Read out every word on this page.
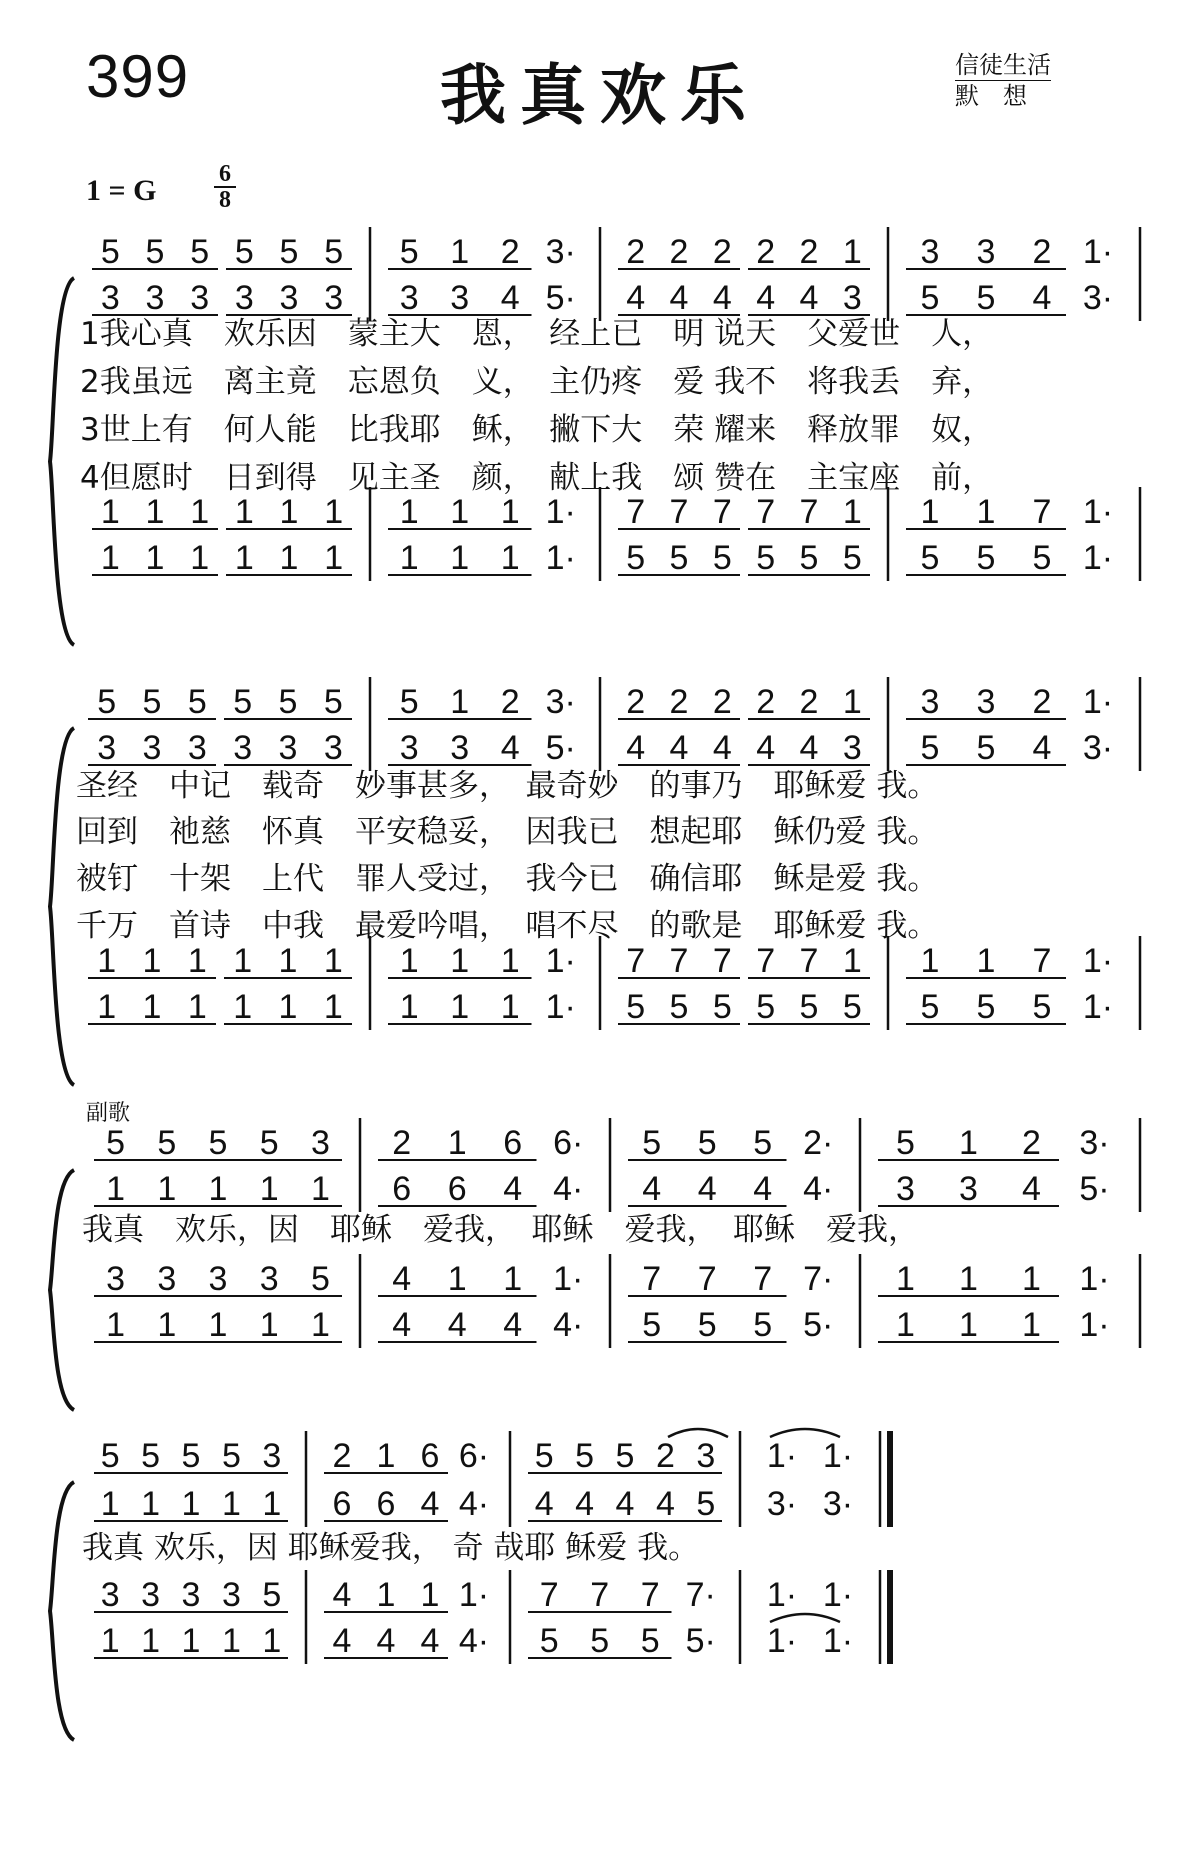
399	我真欢乐	信徒生活
默　想
1 = G $\frac{6}{8}$
5 5 5 5 5 5 5 1 2 3· 2 2 2 2 2 1 3 3 2 1·
3 3 3 3 3 3 3 3 4 5· 4 4 4 4 4 3 5 5 4 3·
1我心真　欢乐因　蒙主大　恩，　经上已　明 说天　父爱世　人，
2我虽远　离主竟　忘恩负　义，　主仍疼　爱 我不　将我丢　弃，
3世上有　何人能　比我耶　稣，　撇下大　荣 耀来　释放罪　奴，
4但愿时　日到得　见主圣　颜，　献上我　颂 赞在　主宝座　前，
1 1 1 1 1 1 1 1 1 1· 7 7 7 7 7 1 1 1 7 1·
1 1 1 1 1 1 1 1 1 1· 5 5 5 5 5 5 5 5 5 1·
5 5 5 5 5 5 5 1 2 3· 2 2 2 2 2 1 3 3 2 1·
3 3 3 3 3 3 3 3 4 5· 4 4 4 4 4 3 5 5 4 3·
圣经　中记　载奇　妙事甚多，　最奇妙　的事乃　耶稣爱 我。
回到　祂慈　怀真　平安稳妥，　因我已　想起耶　稣仍爱 我。
被钉　十架　上代　罪人受过，　我今已　确信耶　稣是爱 我。
千万　首诗　中我　最爱吟唱，　唱不尽　的歌是　耶稣爱 我。
1 1 1 1 1 1 1 1 1 1· 7 7 7 7 7 1 1 1 7 1·
1 1 1 1 1 1 1 1 1 1· 5 5 5 5 5 5 5 5 5 1·
副歌
5 5 5 5 3 2 1 6 6· 5 5 5 2· 5 1 2 3·
1 1 1 1 1 6 6 4 4· 4 4 4 4· 3 3 4 5·
我真　欢乐，因　耶稣　爱我，　耶稣　爱我，　耶稣　爱我，
3 3 3 3 5 4 1 1 1· 7 7 7 7· 1 1 1 1·
1 1 1 1 1 4 4 4 4· 5 5 5 5· 1 1 1 1·
5 5 5 5 3 2 1 6 6· 5 5 5 2 3 1· 1·
1 1 1 1 1 6 6 4 4· 4 4 4 4 5 3· 3·
我真 欢乐，因 耶稣爱我， 奇 哉耶 稣爱 我。
3 3 3 3 5 4 1 1 1· 7 7 7 7· 1· 1·
1 1 1 1 1 4 4 4 4· 5 5 5 5· 1· 1·
